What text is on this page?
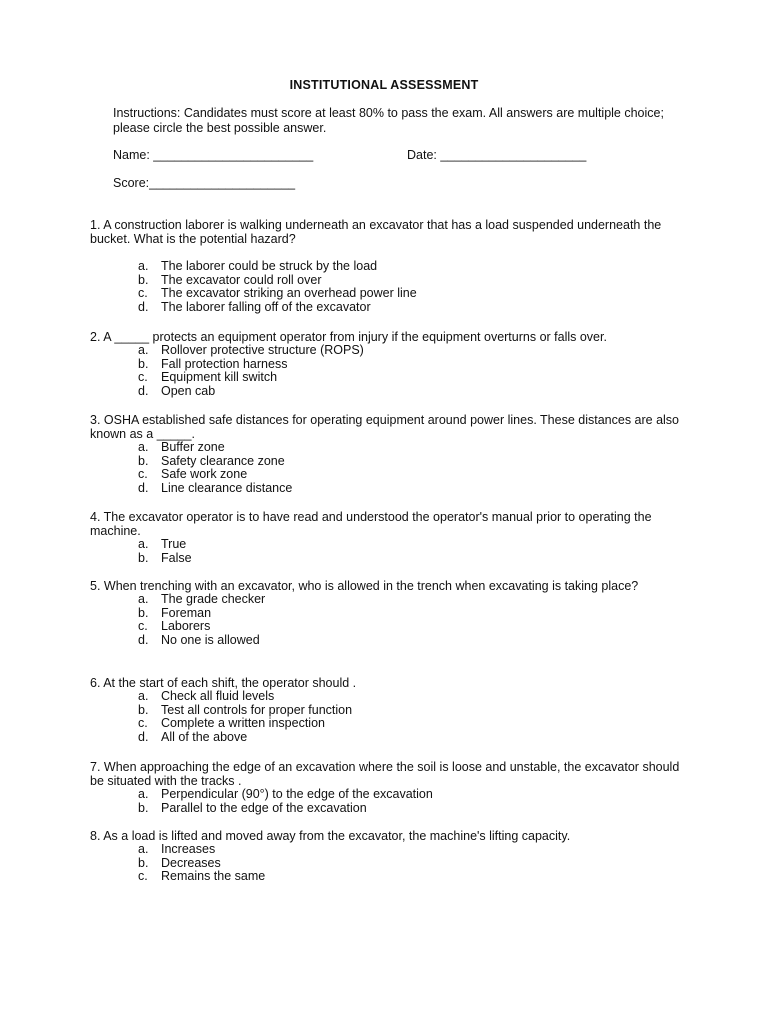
INSTITUTIONAL ASSESSMENT
Instructions: Candidates must score at least 80% to pass the exam. All answers are multiple choice; please circle the best possible answer.
Name: _______________________	Date: _____________________
Score:_____________________

1. A construction laborer is walking underneath an excavator that has a load suspended underneath the bucket. What is the potential hazard?

a. The laborer could be struck by the load
b. The excavator could roll over
c. The excavator striking an overhead power line
d. The laborer falling off of the excavator

2. A _____ protects an equipment operator from injury if the equipment overturns or falls over.

a. Rollover protective structure (ROPS)
b. Fall protection harness
c. Equipment kill switch
d. Open cab

3. OSHA established safe distances for operating equipment around power lines. These distances are also known as a _____.

a. Buffer zone
b. Safety clearance zone
c. Safe work zone
d. Line clearance distance

4. The excavator operator is to have read and understood the operator's manual prior to operating the machine.

a. True
b. False

5. When trenching with an excavator, who is allowed in the trench when excavating is taking place?

a. The grade checker
b. Foreman
c. Laborers
d. No one is allowed

6. At the start of each shift, the operator should .

a. Check all fluid levels
b. Test all controls for proper function
c. Complete a written inspection
d. All of the above

7. When approaching the edge of an excavation where the soil is loose and unstable, the excavator should be situated with the tracks .

a. Perpendicular (90°) to the edge of the excavation
b. Parallel to the edge of the excavation

8. As a load is lifted and moved away from the excavator, the machine's lifting capacity.

a. Increases
b. Decreases
c. Remains the same
